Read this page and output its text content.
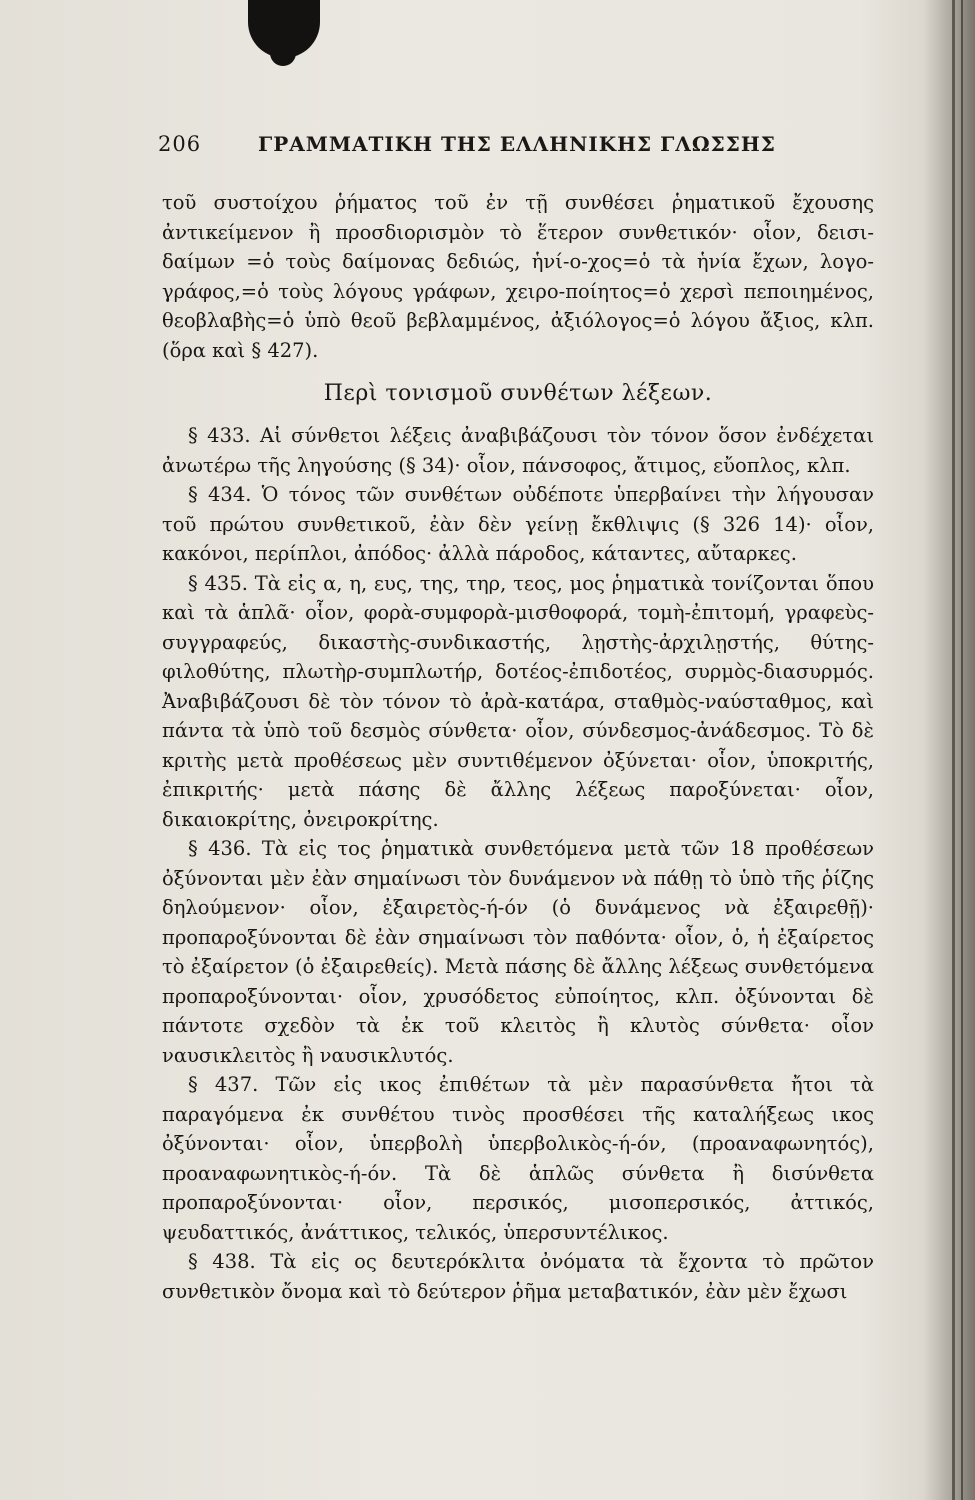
206	ΓΡΑΜΜΑΤΙΚΗ ΤΗΣ ΕΛΛΗΝΙΚΗΣ ΓΛΩΣΣΗΣ

τοῦ συστοίχου ῥήματος τοῦ ἐν τῇ συνθέσει ῥηματικοῦ ἔχουσης ἀντικείμενον ἢ προσδιορισμὸν τὸ ἕτερον συνθετικόν· οἷον, δεισι-δαίμων =ὁ τοὺς δαίμονας δεδιώς, ἡνί-ο-χος=ὁ τὰ ἡνία ἔχων, λογο-γράφος,=ὁ τοὺς λόγους γράφων, χειρο-ποίητος=ὁ χερσὶ πεποιημένος, θεοβλαβὴς=ὁ ὑπὸ θεοῦ βεβλαμμένος, ἀξιόλογος=ὁ λόγου ἄξιος, κλπ. (ὅρα καὶ § 427).

Περὶ τονισμοῦ συνθέτων λέξεων.

§ 433. Αἱ σύνθετοι λέξεις ἀναβιβάζουσι τὸν τόνον ὅσον ἐνδέχεται ἀνωτέρω τῆς ληγούσης (§ 34)· οἷον, πάνσοφος, ἄτιμος, εὔοπλος, κλπ.

§ 434. Ὁ τόνος τῶν συνθέτων οὐδέποτε ὑπερβαίνει τὴν λήγουσαν τοῦ πρώτου συνθετικοῦ, ἐὰν δὲν γείνῃ ἔκθλιψις (§ 326 14)· οἷον, κακόνοι, περίπλοι, ἀπόδος· ἀλλὰ πάροδος, κάταντες, αὔταρκες.

§ 435. Τὰ εἰς α, η, ευς, της, τηρ, τεος, μος ῥηματικὰ τονίζονται ὅπου καὶ τὰ ἁπλᾶ· οἷον, φορὰ-συμφορὰ-μισθοφορά, τομὴ-ἐπιτομή, γραφεὺς-συγγραφεύς, δικαστὴς-συνδικαστής, λῃστὴς-ἀρχιλῃστής, θύτης-φιλοθύτης, πλωτὴρ-συμπλωτήρ, δοτέος-ἐπιδοτέος, συρμὸς-διασυρμός. Ἀναβιβάζουσι δὲ τὸν τόνον τὸ ἀρὰ-κατάρα, σταθμὸς-ναύσταθμος, καὶ πάντα τὰ ὑπὸ τοῦ δεσμὸς σύνθετα· οἷον, σύνδεσμος-ἀνάδεσμος. Τὸ δὲ κριτὴς μετὰ προθέσεως μὲν συντιθέμενον ὀξύνεται· οἷον, ὑποκριτής, ἐπικριτής· μετὰ πάσης δὲ ἄλλης λέξεως παροξύνεται· οἷον, δικαιοκρίτης, ὀνειροκρίτης.

§ 436. Τὰ εἰς τος ῥηματικὰ συνθετόμενα μετὰ τῶν 18 προθέσεων ὀξύνονται μὲν ἐὰν σημαίνωσι τὸν δυνάμενον νὰ πάθῃ τὸ ὑπὸ τῆς ῥίζης δηλούμενον· οἷον, ἐξαιρετὸς-ή-όν (ὁ δυνάμενος νὰ ἐξαιρεθῇ)· προπαροξύνονται δὲ ἐὰν σημαίνωσι τὸν παθόντα· οἷον, ὁ, ἡ ἐξαίρετος τὸ ἐξαίρετον (ὁ ἐξαιρεθείς). Μετὰ πάσης δὲ ἄλλης λέξεως συνθετόμενα προπαροξύνονται· οἷον, χρυσόδετος εὐποίητος, κλπ. ὀξύνονται δὲ πάντοτε σχεδὸν τὰ ἐκ τοῦ κλειτὸς ἢ κλυτὸς σύνθετα· οἷον ναυσικλειτὸς ἢ ναυσικλυτός.

§ 437. Τῶν εἰς ικος ἐπιθέτων τὰ μὲν παρασύνθετα ἤτοι τὰ παραγόμενα ἐκ συνθέτου τινὸς προσθέσει τῆς καταλήξεως ικος ὀξύνονται· οἷον, ὑπερβολὴ ὑπερβολικὸς-ή-όν, (προαναφωνητός), προαναφωνητικὸς-ή-όν. Τὰ δὲ ἁπλῶς σύνθετα ἢ δισύνθετα προπαροξύνονται· οἷον, περσικός, μισοπερσικός, ἀττικός, ψευδαττικός, ἀνάττικος, τελικός, ὑπερσυντέλικος.

§ 438. Τὰ εἰς ος δευτερόκλιτα ὀνόματα τὰ ἔχοντα τὸ πρῶτον συνθετικὸν ὄνομα καὶ τὸ δεύτερον ῥῆμα μεταβατικόν, ἐὰν μὲν ἔχωσι
